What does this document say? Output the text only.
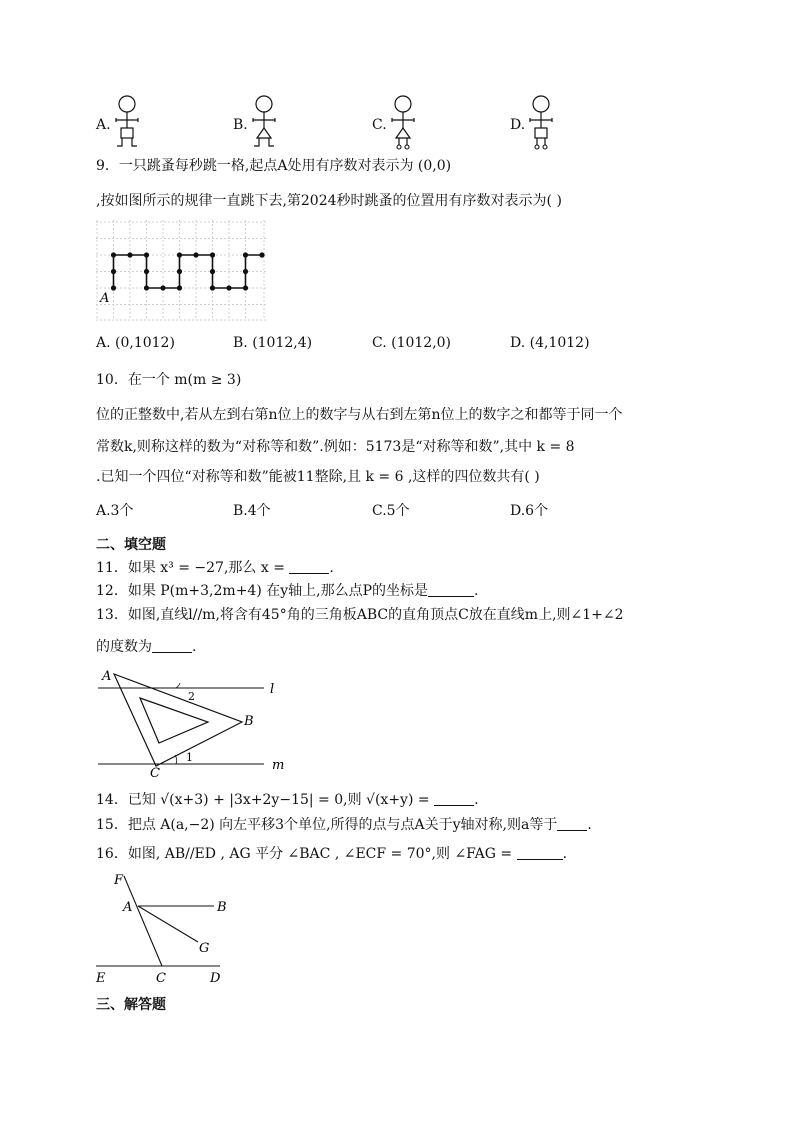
A.	B.	C.	D.
9．一只跳蚤每秒跳一格,起点A处用有序数对表示为 (0,0)
,按如图所示的规律一直跳下去,第2024秒时跳蚤的位置用有序数对表示为( )
A
A. (0,1012)	B. (1012,4)	C. (1012,0)	D. (4,1012)
10．在一个 m(m ≥ 3)
位的正整数中,若从左到右第n位上的数字与从右到左第n位上的数字之和都等于同一个
常数k,则称这样的数为“对称等和数”.例如：5173是“对称等和数”,其中 k = 8
.已知一个四位“对称等和数”能被11整除,且 k = 6 ,这样的四位数共有( )
A.3个	B.4个	C.5个	D.6个
二、填空题
11．如果 x³ = −27,那么 x =	.
12．如果 P(m+3,2m+4) 在y轴上,那么点P的坐标是	.
13．如图,直线l//m,将含有45°角的三角板ABC的直角顶点C放在直线m上,则∠1+∠2
的度数为	.
A
B
C
l
m
1
2
14．已知 √(x+3) + |3x+2y−15| = 0,则 √(x+y) =	.
15．把点 A(a,−2) 向左平移3个单位,所得的点与点A关于y轴对称,则a等于 .
16．如图, AB//ED , AG 平分 ∠BAC , ∠ECF = 70°,则 ∠FAG =	.
F
A	B
G
E	C	D
三、解答题
